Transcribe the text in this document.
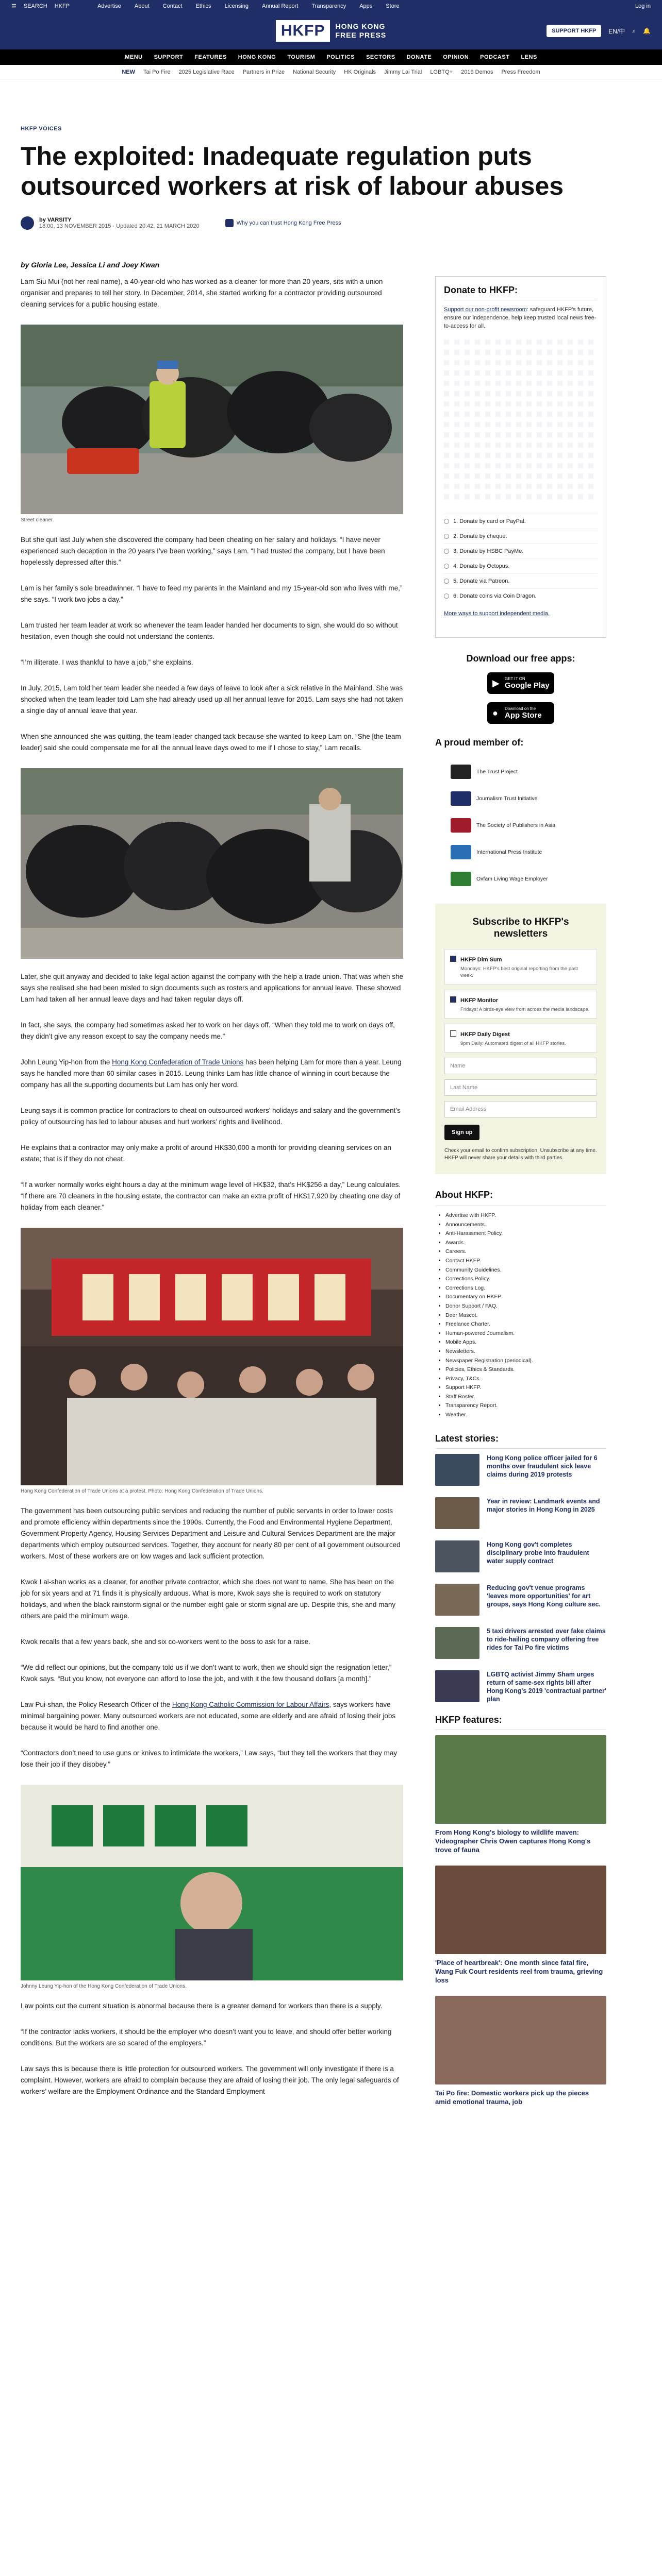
☰ SEARCH HKFP	Advertise About Contact Ethics Licensing Annual Report Transparency Apps Store	Log in
HKFP	HONG KONG
FREE PRESS	SUPPORT HKFP	EN/中 ⌕ 🔔
MENU SUPPORT FEATURES HONG KONG TOURISM POLITICS SECTORS DONATE OPINION PODCAST LENS
NEW Tai Po Fire 2025 Legislative Race Partners in Prize National Security HK Originals Jimmy Lai Trial LGBTQ+ 2019 Demos Press Freedom
HKFP VOICES
The exploited: Inadequate regulation puts outsourced workers at risk of labour abuses
by VARSITY
18:00, 13 NOVEMBER 2015 · Updated 20:42, 21 MARCH 2020	Why you can trust Hong Kong Free Press
by Gloria Lee, Jessica Li and Joey Kwan

Lam Siu Mui (not her real name), a 40-year-old who has worked as a cleaner for more than 20 years, sits with a union organiser and prepares to tell her story. In December, 2014, she started working for a contractor providing outsourced cleaning services for a public housing estate.

Street cleaner.

But she quit last July when she discovered the company had been cheating on her salary and holidays. “I have never experienced such deception in the 20 years I’ve been working,” says Lam. “I had trusted the company, but I have been hopelessly depressed after this.”

Lam is her family’s sole breadwinner. “I have to feed my parents in the Mainland and my 15-year-old son who lives with me,” she says. “I work two jobs a day.”

Lam trusted her team leader at work so whenever the team leader handed her documents to sign, she would do so without hesitation, even though she could not understand the contents.

“I’m illiterate. I was thankful to have a job,” she explains.

In July, 2015, Lam told her team leader she needed a few days of leave to look after a sick relative in the Mainland. She was shocked when the team leader told Lam she had already used up all her annual leave for 2015. Lam says she had not taken a single day of annual leave that year.

When she announced she was quitting, the team leader changed tack because she wanted to keep Lam on. “She [the team leader] said she could compensate me for all the annual leave days owed to me if I chose to stay,” Lam recalls.

Later, she quit anyway and decided to take legal action against the company with the help a trade union. That was when she says she realised she had been misled to sign documents such as rosters and applications for annual leave. These showed Lam had taken all her annual leave days and had taken regular days off.

In fact, she says, the company had sometimes asked her to work on her days off. “When they told me to work on days off, they didn’t give any reason except to say the company needs me.”

John Leung Yip-hon from the Hong Kong Confederation of Trade Unions has been helping Lam for more than a year. Leung says he handled more than 60 similar cases in 2015. Leung thinks Lam has little chance of winning in court because the company has all the supporting documents but Lam has only her word.

Leung says it is common practice for contractors to cheat on outsourced workers’ holidays and salary and the government’s policy of outsourcing has led to labour abuses and hurt workers’ rights and livelihood.

He explains that a contractor may only make a profit of around HK$30,000 a month for providing cleaning services on an estate; that is if they do not cheat.

“If a worker normally works eight hours a day at the minimum wage level of HK$32, that’s HK$256 a day,” Leung calculates. “If there are 70 cleaners in the housing estate, the contractor can make an extra profit of HK$17,920 by cheating one day of holiday from each cleaner.”

Hong Kong Confederation of Trade Unions at a protest. Photo: Hong Kong Confederation of Trade Unions.

The government has been outsourcing public services and reducing the number of public servants in order to lower costs and promote efficiency within departments since the 1990s. Currently, the Food and Environmental Hygiene Department, Government Property Agency, Housing Services Department and Leisure and Cultural Services Department are the major departments which employ outsourced services. Together, they account for nearly 80 per cent of all government outsourced workers. Most of these workers are on low wages and lack sufficient protection.

Kwok Lai-shan works as a cleaner, for another private contractor, which she does not want to name. She has been on the job for six years and at 71 finds it is physically arduous. What is more, Kwok says she is required to work on statutory holidays, and when the black rainstorm signal or the number eight gale or storm signal are up. Despite this, she and many others are paid the minimum wage.

Kwok recalls that a few years back, she and six co-workers went to the boss to ask for a raise.

“We did reflect our opinions, but the company told us if we don’t want to work, then we should sign the resignation letter,” Kwok says. “But you know, not everyone can afford to lose the job, and with it the few thousand dollars [a month].”

Law Pui-shan, the Policy Research Officer of the Hong Kong Catholic Commission for Labour Affairs, says workers have minimal bargaining power. Many outsourced workers are not educated, some are elderly and are afraid of losing their jobs because it would be hard to find another one.

“Contractors don’t need to use guns or knives to intimidate the workers,” Law says, “but they tell the workers that they may lose their job if they disobey.”

Johnny Leung Yip-hon of the Hong Kong Confederation of Trade Unions.

Law points out the current situation is abnormal because there is a greater demand for workers than there is a supply.

“If the contractor lacks workers, it should be the employer who doesn’t want you to leave, and should offer better working conditions. But the workers are so scared of the employers.”

Law says this is because there is little protection for outsourced workers. The government will only investigate if there is a complaint. However, workers are afraid to complain because they are afraid of losing their job. The only legal safeguards of workers’ welfare are the Employment Ordinance and the Standard Employment

Donate to HKFP:
Support our non-profit newsroom: safeguard HKFP's future, ensure our independence, help keep trusted local news free-to-access for all.
1. Donate by card or PayPal.
2. Donate by cheque.
3. Donate by HSBC PayMe.
4. Donate by Octopus.
5. Donate via Patreon.
6. Donate coins via Coin Dragon.
More ways to support independent media.
Download our free apps:
▶ GET IT ON
Google Play
● Download on the
App Store
A proud member of:
The Trust Project
Journalism Trust Initiative
The Society of Publishers in Asia
International Press Institute
Oxfam Living Wage Employer
Subscribe to HKFP's newsletters
HKFP Dim Sum
Mondays: HKFP's best original reporting from the past week.
HKFP Monitor
Fridays: A birds-eye view from across the media landscape.
HKFP Daily Digest
9pm Daily: Automated digest of all HKFP stories.
Name
Last Name
Email Address
Sign up
Check your email to confirm subscription. Unsubscribe at any time. HKFP will never share your details with third parties.
About HKFP:
• Advertise with HKFP.
• Announcements.
• Anti-Harassment Policy.
• Awards.
• Careers.
• Contact HKFP.
• Community Guidelines.
• Corrections Policy.
• Corrections Log.
• Documentary on HKFP.
• Donor Support / FAQ.
• Deer Mascot.
• Freelance Charter.
• Human-powered Journalism.
• Mobile Apps.
• Newsletters.
• Newspaper Registration (periodical).
• Policies, Ethics & Standards.
• Privacy, T&Cs.
• Support HKFP.
• Staff Roster.
• Transparency Report.
• Weather.
Latest stories:
Hong Kong police officer jailed for 6 months over fraudulent sick leave claims during 2019 protests
Year in review: Landmark events and major stories in Hong Kong in 2025
Hong Kong gov't completes disciplinary probe into fraudulent water supply contract
Reducing gov't venue programs 'leaves more opportunities' for art groups, says Hong Kong culture sec.
5 taxi drivers arrested over fake claims to ride-hailing company offering free rides for Tai Po fire victims
LGBTQ activist Jimmy Sham urges return of same-sex rights bill after Hong Kong's 2019 'contractual partner' plan
HKFP features:
From Hong Kong's biology to wildlife maven: Videographer Chris Owen captures Hong Kong's trove of fauna
'Place of heartbreak': One month since fatal fire, Wang Fuk Court residents reel from trauma, grieving loss
Tai Po fire: Domestic workers pick up the pieces amid emotional trauma, job
